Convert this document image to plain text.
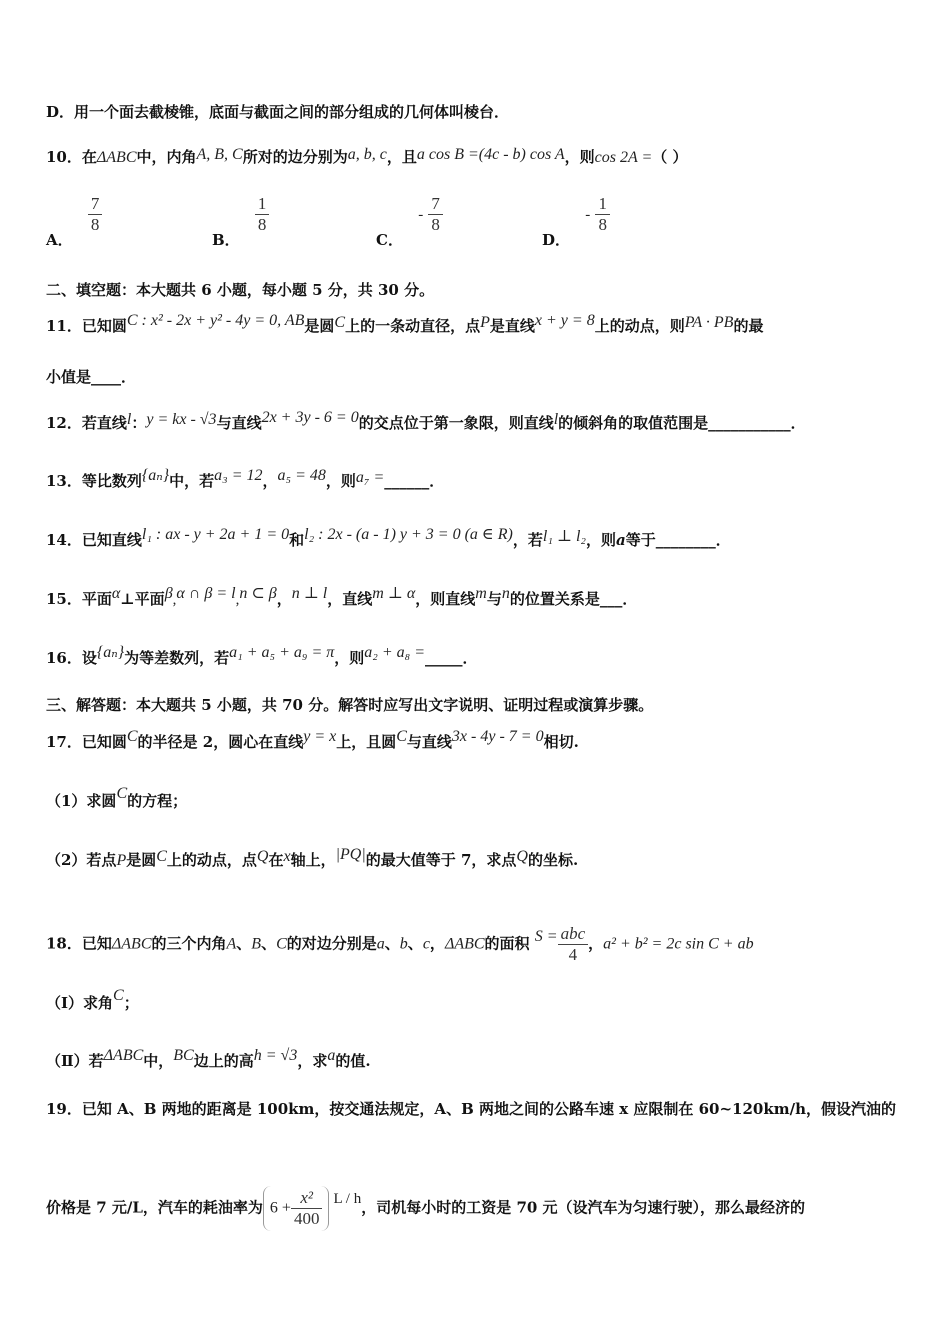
D．用一个面去截棱锥，底面与截面之间的部分组成的几何体叫棱台．
10．在ΔABC中，内角A, B, C所对的边分别为a, b, c，且a cos B =(4c - b) cos A，则cos 2A =（ ）
A．
$\frac{7}{8}$
B．
$\frac{1}{8}$
C． - $\frac{7}{8}$
D． - $\frac{1}{8}$
二、填空题：本大题共 6 小题，每小题 5 分，共 30 分。
11．已知圆C : x² - 2x + y² - 4y = 0, AB是圆C上的一条动直径，点P是直线x + y = 8上的动点，则PA · PB的最
小值是____．
12．若直线l：y = kx - √3与直线2x + 3y - 6 = 0的交点位于第一象限，则直线l的倾斜角的取值范围是___________．
13．等比数列{aₙ}中，若a₃ = 12，a₅ = 48，则a₇ =______．
14．已知直线l₁ : ax - y + 2a + 1 = 0和l₂ : 2x - (a - 1) y + 3 = 0 (a ∈ R)，若l₁ ⊥ l₂，则a等于________．
15．平面α⊥平面β,α ∩ β = l,n ⊂ β，n ⊥ l，直线m ⊥ α，则直线m与n的位置关系是___．
16．设{aₙ}为等差数列，若a₁ + a₅ + a₉ = π，则a₂ + a₈ =_____．
三、解答题：本大题共 5 小题，共 70 分。解答时应写出文字说明、证明过程或演算步骤。
17．已知圆C的半径是 2，圆心在直线y = x上，且圆C与直线3x - 4y - 7 = 0相切.
（1）求圆C的方程；
（2）若点P是圆C上的动点，点Q在x轴上，|PQ|的最大值等于 7，求点Q的坐标.
18．已知ΔABC的三个内角A、B、C的对边分别是a、b、c，ΔABC的面积 $S = \frac{\text{abc}}{4}$ ，a² + b² = 2c sin C + ab
（Ⅰ）求角C；
（Ⅱ）若ΔABC中，BC边上的高h = √3，求a的值.
19．已知 A、B 两地的距离是 100km，按交通法规定，A、B 两地之间的公路车速 x 应限制在 60~120km/h，假设汽油的
价格是 7 元/L，汽车的耗油率为 $6 + \frac{\text{x²}}{400}$ L / h，司机每小时的工资是 70 元（设汽车为匀速行驶），那么最经济的
